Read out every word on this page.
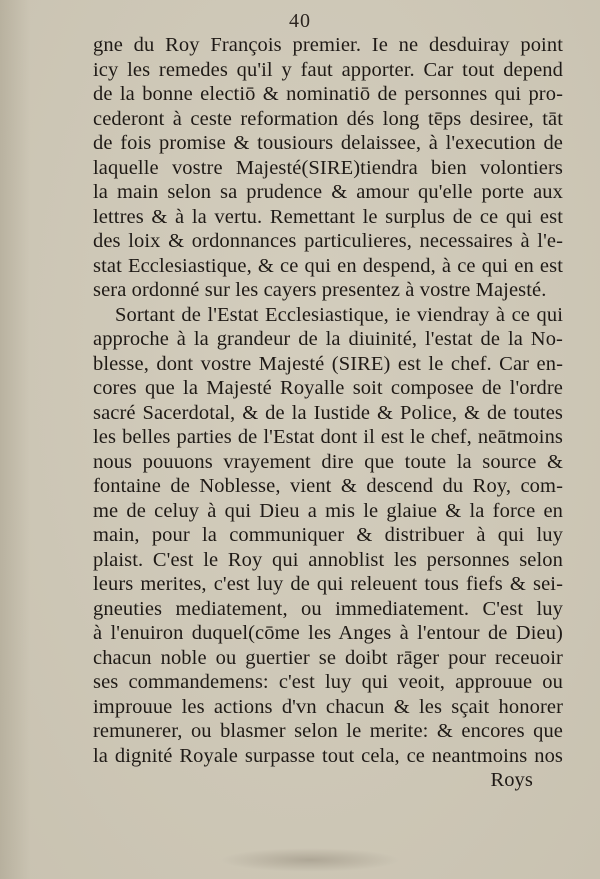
40
gne du Roy François premier. Ie ne desduiray point
icy les remedes qu'il y faut apporter. Car tout depend
de la bonne electiō & nominatiō de personnes qui pro-
cederont à ceste reformation dés long tēps desiree, tāt
de fois promise & tousiours delaissee, à l'execution de
laquelle vostre Majesté(SIRE)tiendra bien volontiers
la main selon sa prudence & amour qu'elle porte aux
lettres & à la vertu. Remettant le surplus de ce qui est
des loix & ordonnances particulieres, necessaires à l'e-
stat Ecclesiastique, & ce qui en despend, à ce qui en est
sera ordonné sur les cayers presentez à vostre Majesté.
Sortant de l'Estat Ecclesiastique, ie viendray à ce qui
approche à la grandeur de la diuinité, l'estat de la No-
blesse, dont vostre Majesté (SIRE) est le chef. Car en-
cores que la Majesté Royalle soit composee de l'ordre
sacré Sacerdotal, & de la Iustide & Police, & de toutes
les belles parties de l'Estat dont il est le chef, neātmoins
nous pouuons vrayement dire que toute la source &
fontaine de Noblesse, vient & descend du Roy, com-
me de celuy à qui Dieu a mis le glaiue & la force en
main, pour la communiquer & distribuer à qui luy
plaist. C'est le Roy qui annoblist les personnes selon
leurs merites, c'est luy de qui releuent tous fiefs & sei-
gneuties mediatement, ou immediatement. C'est luy
à l'enuiron duquel(cōme les Anges à l'entour de Dieu)
chacun noble ou guertier se doibt rāger pour receuoir
ses commandemens: c'est luy qui veoit, approuue ou
improuue les actions d'vn chacun & les sçait honorer
remunerer, ou blasmer selon le merite: & encores que
la dignité Royale surpasse tout cela, ce neantmoins nos
Roys
